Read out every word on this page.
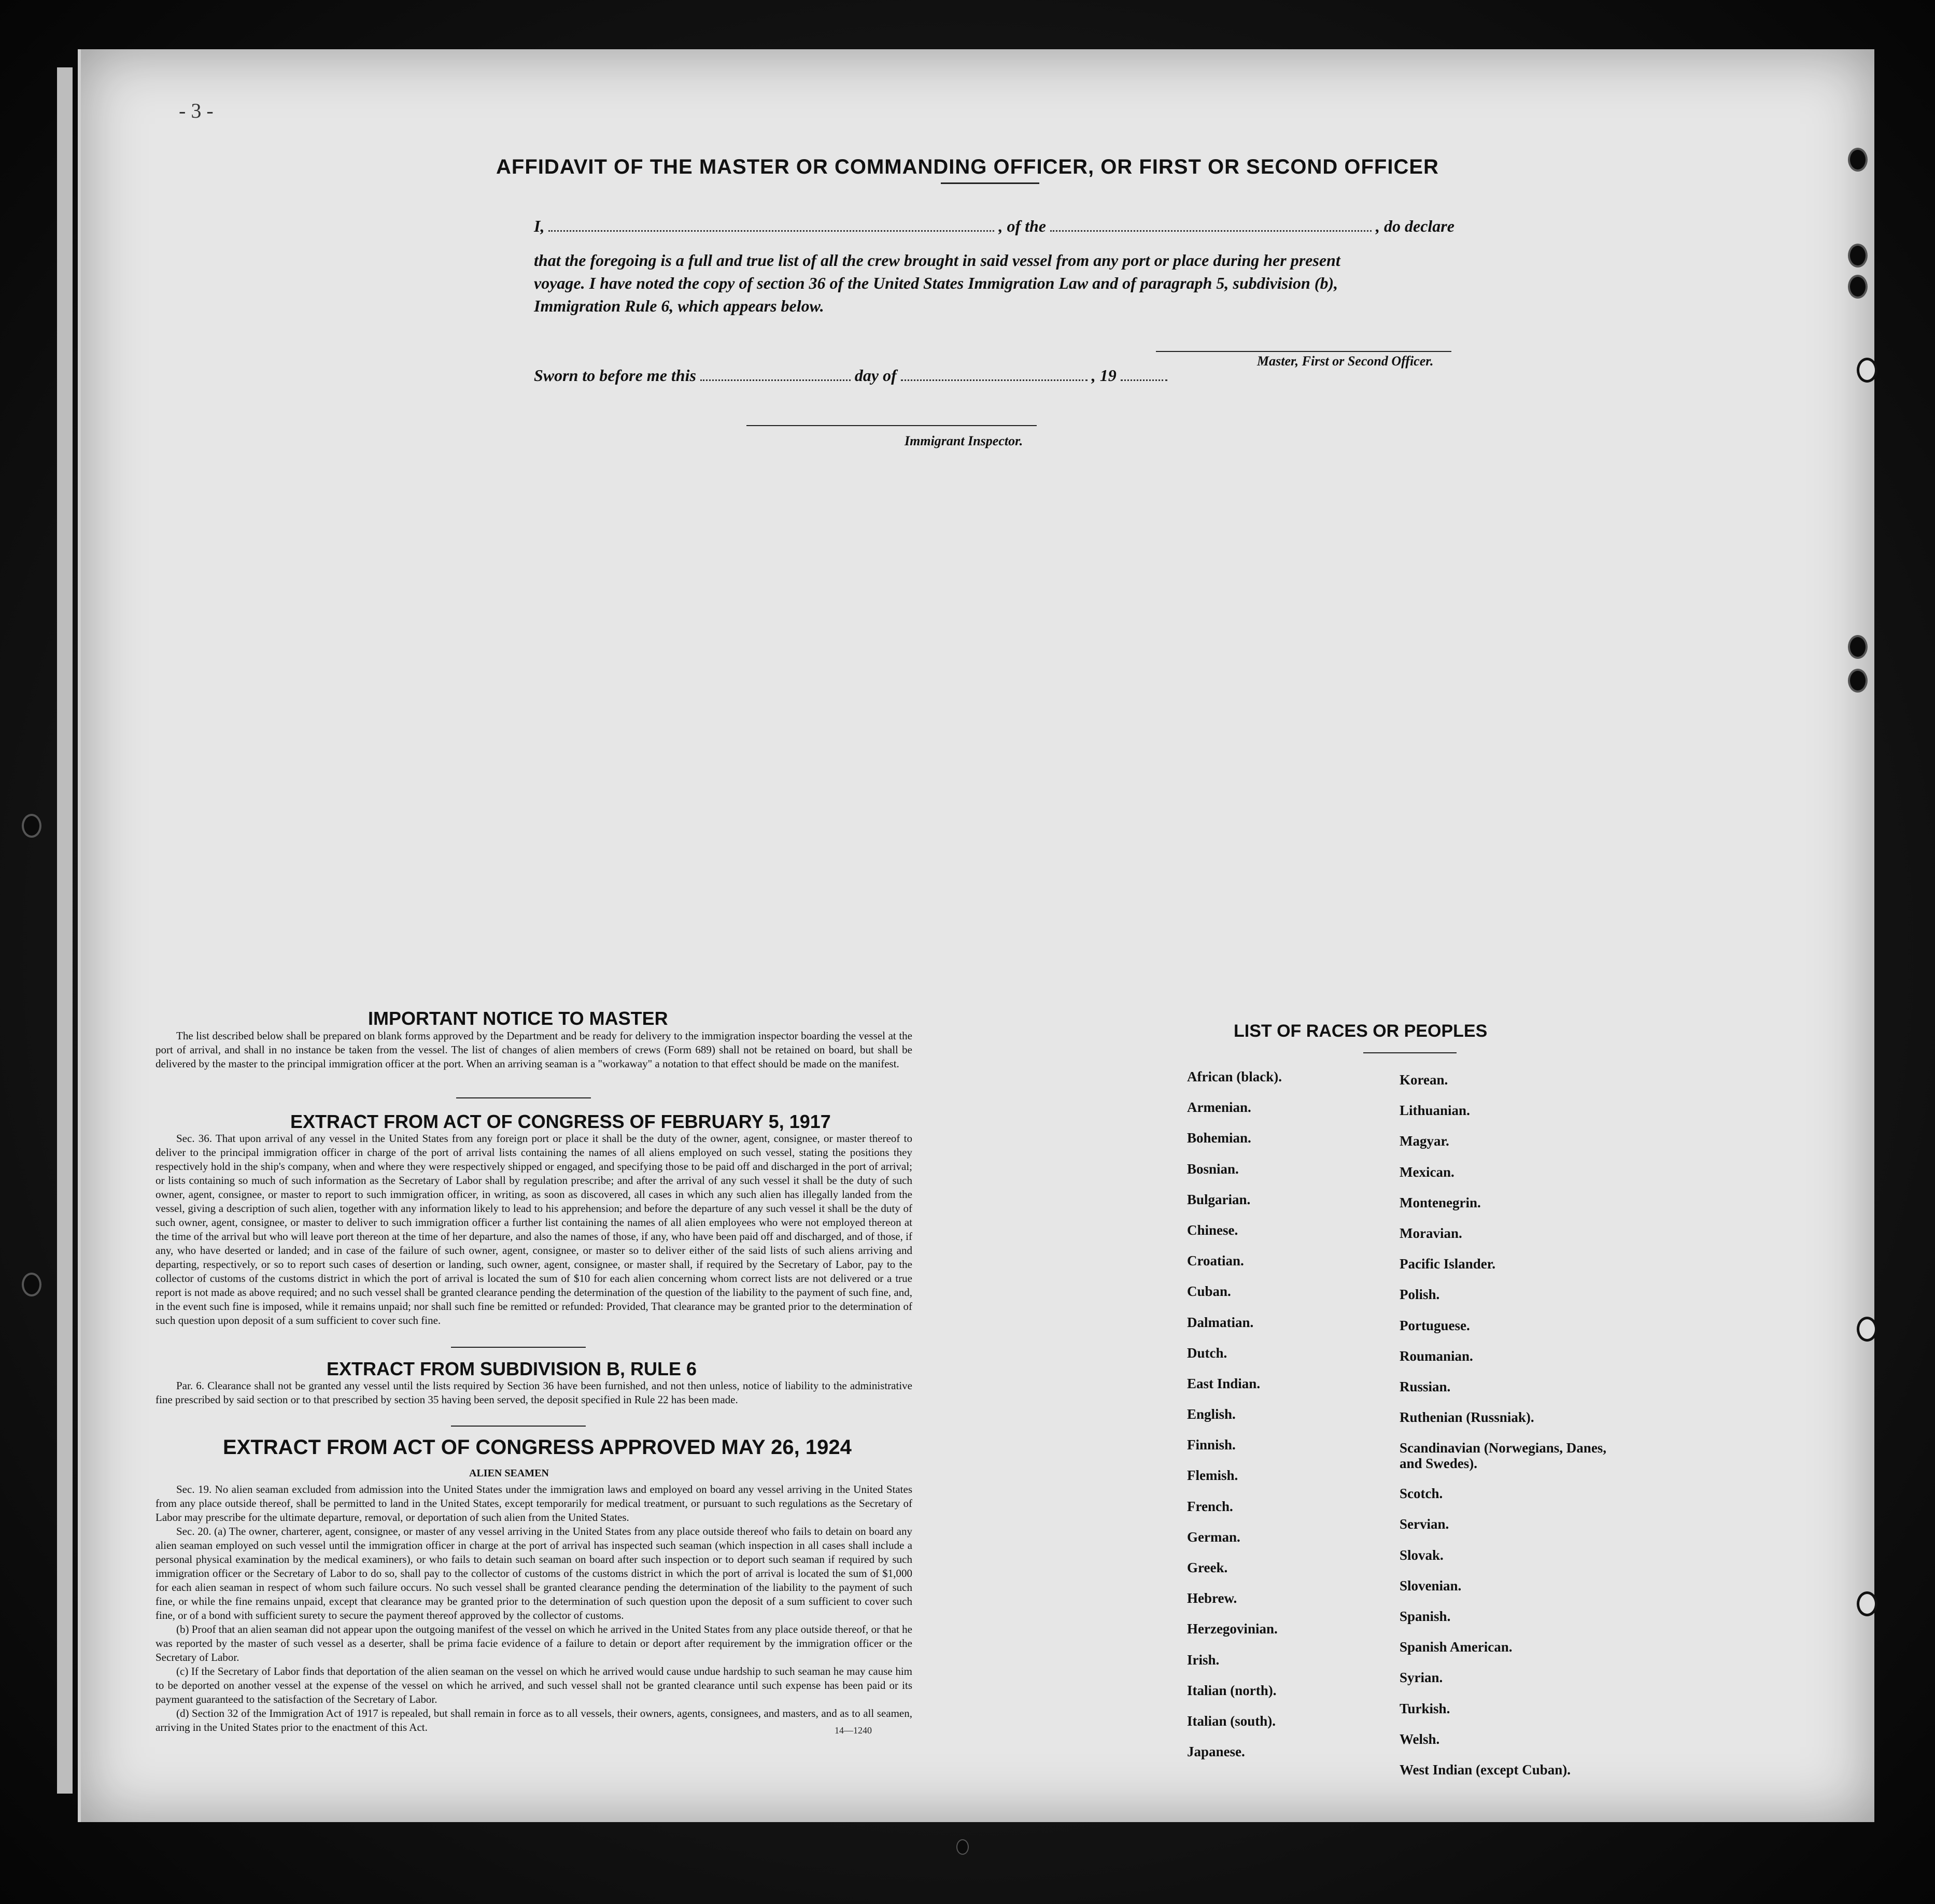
- 3 -
AFFIDAVIT OF THE MASTER OR COMMANDING OFFICER, OR FIRST OR SECOND OFFICER
I,	, of the	, do declare
that the foregoing is a full and true list of all the crew brought in said vessel from any port or place during her present
voyage. I have noted the copy of section 36 of the United States Immigration Law and of paragraph 5, subdivision (b),
Immigration Rule 6, which appears below.
Master, First or Second Officer.
Sworn to before me this	day of	, 19
Immigrant Inspector.
IMPORTANT NOTICE TO MASTER

The list described below shall be prepared on blank forms approved by the Department and be ready for delivery to the immigration inspector boarding the vessel at the port of arrival, and shall in no instance be taken from the vessel. The list of changes of alien members of crews (Form 689) shall not be retained on board, but shall be delivered by the master to the principal immigration officer at the port. When an arriving seaman is a "workaway" a notation to that effect should be made on the manifest.

EXTRACT FROM ACT OF CONGRESS OF FEBRUARY 5, 1917

Sec. 36. That upon arrival of any vessel in the United States from any foreign port or place it shall be the duty of the owner, agent, consignee, or master thereof to deliver to the principal immigration officer in charge of the port of arrival lists containing the names of all aliens employed on such vessel, stating the positions they respectively hold in the ship's company, when and where they were respectively shipped or engaged, and specifying those to be paid off and discharged in the port of arrival; or lists containing so much of such information as the Secretary of Labor shall by regulation prescribe; and after the arrival of any such vessel it shall be the duty of such owner, agent, consignee, or master to report to such immigration officer, in writing, as soon as discovered, all cases in which any such alien has illegally landed from the vessel, giving a description of such alien, together with any information likely to lead to his apprehension; and before the departure of any such vessel it shall be the duty of such owner, agent, consignee, or master to deliver to such immigration officer a further list containing the names of all alien employees who were not employed thereon at the time of the arrival but who will leave port thereon at the time of her departure, and also the names of those, if any, who have been paid off and discharged, and of those, if any, who have deserted or landed; and in case of the failure of such owner, agent, consignee, or master so to deliver either of the said lists of such aliens arriving and departing, respectively, or so to report such cases of desertion or landing, such owner, agent, consignee, or master shall, if required by the Secretary of Labor, pay to the collector of customs of the customs district in which the port of arrival is located the sum of $10 for each alien concerning whom correct lists are not delivered or a true report is not made as above required; and no such vessel shall be granted clearance pending the determination of the question of the liability to the payment of such fine, and, in the event such fine is imposed, while it remains unpaid; nor shall such fine be remitted or refunded: Provided, That clearance may be granted prior to the determination of such question upon deposit of a sum sufficient to cover such fine.

EXTRACT FROM SUBDIVISION B, RULE 6

Par. 6. Clearance shall not be granted any vessel until the lists required by Section 36 have been furnished, and not then unless, notice of liability to the administrative fine prescribed by said section or to that prescribed by section 35 having been served, the deposit specified in Rule 22 has been made.

EXTRACT FROM ACT OF CONGRESS APPROVED MAY 26, 1924
ALIEN SEAMEN

Sec. 19. No alien seaman excluded from admission into the United States under the immigration laws and employed on board any vessel arriving in the United States from any place outside thereof, shall be permitted to land in the United States, except temporarily for medical treatment, or pursuant to such regulations as the Secretary of Labor may prescribe for the ultimate departure, removal, or deportation of such alien from the United States.

Sec. 20. (a) The owner, charterer, agent, consignee, or master of any vessel arriving in the United States from any place outside thereof who fails to detain on board any alien seaman employed on such vessel until the immigration officer in charge at the port of arrival has inspected such seaman (which inspection in all cases shall include a personal physical examination by the medical examiners), or who fails to detain such seaman on board after such inspection or to deport such seaman if required by such immigration officer or the Secretary of Labor to do so, shall pay to the collector of customs of the customs district in which the port of arrival is located the sum of $1,000 for each alien seaman in respect of whom such failure occurs. No such vessel shall be granted clearance pending the determination of the liability to the payment of such fine, or while the fine remains unpaid, except that clearance may be granted prior to the determination of such question upon the deposit of a sum sufficient to cover such fine, or of a bond with sufficient surety to secure the payment thereof approved by the collector of customs.

(b) Proof that an alien seaman did not appear upon the outgoing manifest of the vessel on which he arrived in the United States from any place outside thereof, or that he was reported by the master of such vessel as a deserter, shall be prima facie evidence of a failure to detain or deport after requirement by the immigration officer or the Secretary of Labor.

(c) If the Secretary of Labor finds that deportation of the alien seaman on the vessel on which he arrived would cause undue hardship to such seaman he may cause him to be deported on another vessel at the expense of the vessel on which he arrived, and such vessel shall not be granted clearance until such expense has been paid or its payment guaranteed to the satisfaction of the Secretary of Labor.

(d) Section 32 of the Immigration Act of 1917 is repealed, but shall remain in force as to all vessels, their owners, agents, consignees, and masters, and as to all seamen, arriving in the United States prior to the enactment of this Act.	14—1240
LIST OF RACES OR PEOPLES
African (black).
Armenian.
Bohemian.
Bosnian.
Bulgarian.
Chinese.
Croatian.
Cuban.
Dalmatian.
Dutch.
East Indian.
English.
Finnish.
Flemish.
French.
German.
Greek.
Hebrew.
Herzegovinian.
Irish.
Italian (north).
Italian (south).
Japanese.
Korean.
Lithuanian.
Magyar.
Mexican.
Montenegrin.
Moravian.
Pacific Islander.
Polish.
Portuguese.
Roumanian.
Russian.
Ruthenian (Russniak).
Scandinavian (Norwegians, Danes, and Swedes).
Scotch.
Servian.
Slovak.
Slovenian.
Spanish.
Spanish American.
Syrian.
Turkish.
Welsh.
West Indian (except Cuban).
